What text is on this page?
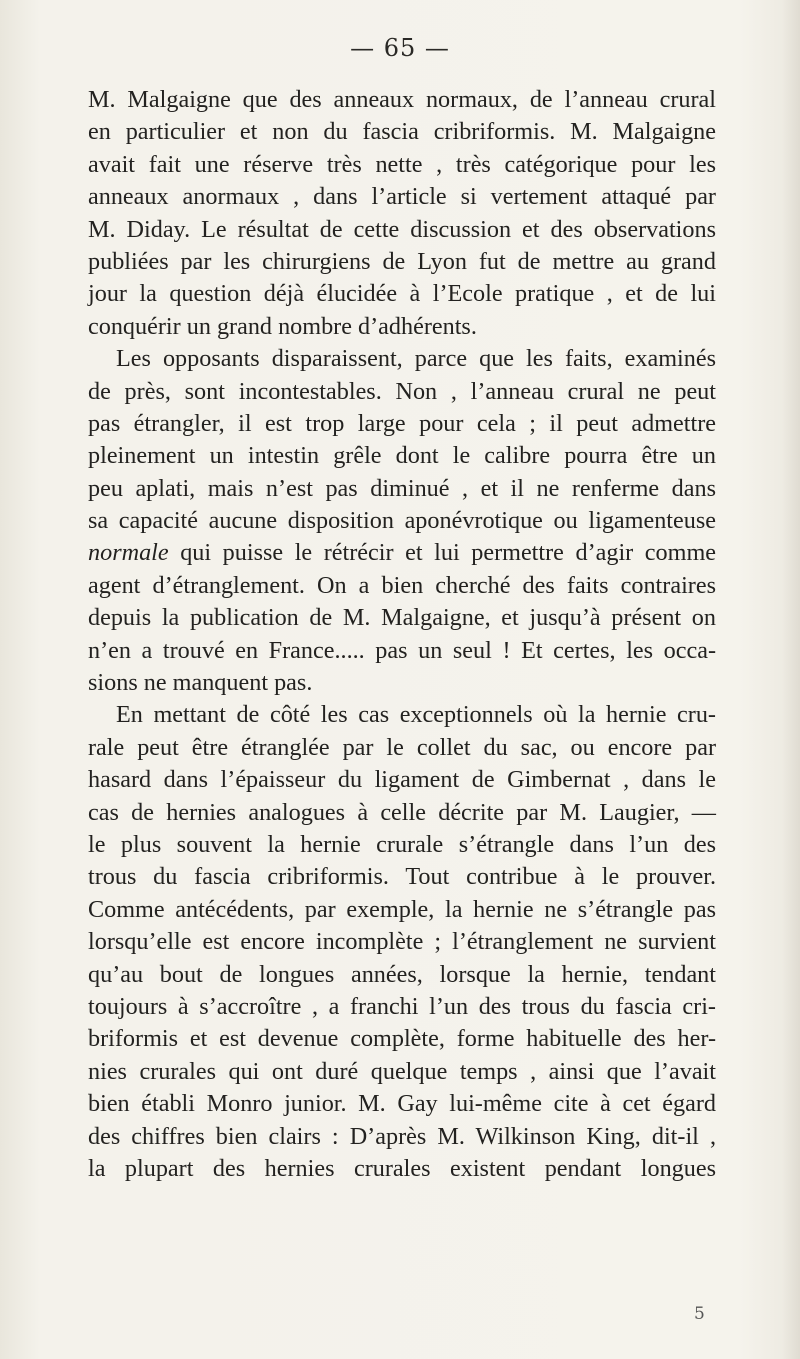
— 65 —
M. Malgaigne que des anneaux normaux, de l’anneau crural
en particulier et non du fascia cribriformis. M. Malgaigne
avait fait une réserve très nette , très catégorique pour les
anneaux anormaux , dans l’article si vertement attaqué par
M. Diday. Le résultat de cette discussion et des observations
publiées par les chirurgiens de Lyon fut de mettre au grand
jour la question déjà élucidée à l’Ecole pratique , et de lui
conquérir un grand nombre d’adhérents.
Les opposants disparaissent, parce que les faits, examinés
de près, sont incontestables. Non , l’anneau crural ne peut
pas étrangler, il est trop large pour cela ; il peut admettre
pleinement un intestin grêle dont le calibre pourra être un
peu aplati, mais n’est pas diminué , et il ne renferme dans
sa capacité aucune disposition aponévrotique ou ligamenteuse
normale qui puisse le rétrécir et lui permettre d’agir comme
agent d’étranglement. On a bien cherché des faits contraires
depuis la publication de M. Malgaigne, et jusqu’à présent on
n’en a trouvé en France..... pas un seul ! Et certes, les occa-
sions ne manquent pas.
En mettant de côté les cas exceptionnels où la hernie cru-
rale peut être étranglée par le collet du sac, ou encore par
hasard dans l’épaisseur du ligament de Gimbernat , dans le
cas de hernies analogues à celle décrite par M. Laugier, —
le plus souvent la hernie crurale s’étrangle dans l’un des
trous du fascia cribriformis. Tout contribue à le prouver.
Comme antécédents, par exemple, la hernie ne s’étrangle pas
lorsqu’elle est encore incomplète ; l’étranglement ne survient
qu’au bout de longues années, lorsque la hernie, tendant
toujours à s’accroître , a franchi l’un des trous du fascia cri-
briformis et est devenue complète, forme habituelle des her-
nies crurales qui ont duré quelque temps , ainsi que l’avait
bien établi Monro junior. M. Gay lui-même cite à cet égard
des chiffres bien clairs : D’après M. Wilkinson King, dit-il ,
la plupart des hernies crurales existent pendant longues
5
